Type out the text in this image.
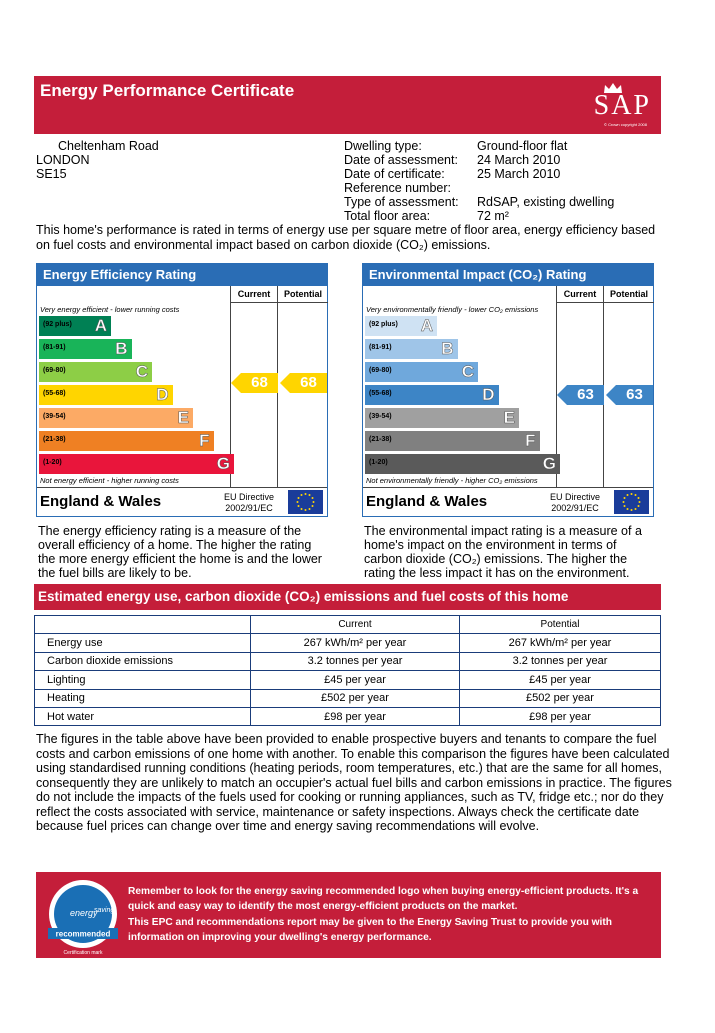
Energy Performance Certificate	SAP
© Crown copyright 2008
Cheltenham Road
LONDON
SE15
Dwelling type:	Ground-floor flat
Date of assessment:	24 March 2010
Date of certificate:	25 March 2010
Reference number:
Type of assessment:	RdSAP, existing dwelling
Total floor area:	72 m²
This home's performance is rated in terms of energy use per square metre of floor area, energy efficiency based on fuel costs and environmental impact based on carbon dioxide (CO₂) emissions.
Energy Efficiency Rating
Current	Potential
Very energy efficient - lower running costs
Not energy efficient - higher running costs
(92 plus) A
(81-91)	B
(69-80)	C
(55-68)	D
(39-54)	E
(21-38)	F
(1-20)	G
68	68
England & Wales	EU Directive
2002/91/EC
Environmental Impact (CO₂) Rating
Current	Potential
Very environmentally friendly - lower CO₂ emissions
Not environmentally friendly - higher CO₂ emissions
(92 plus) A
(81-91)	B
(69-80)	C
(55-68)	D
(39-54)	E
(21-38)	F
(1-20)	G
63	63
England & Wales	EU Directive
2002/91/EC
The energy efficiency rating is a measure of the overall efficiency of a home. The higher the rating the more energy efficient the home is and the lower the fuel bills are likely to be.
The environmental impact rating is a measure of a home's impact on the environment in terms of carbon dioxide (CO₂) emissions. The higher the rating the less impact it has on the environment.
Estimated energy use, carbon dioxide (CO₂) emissions and fuel costs of this home
	Current	Potential
Energy use	267 kWh/m² per year	267 kWh/m² per year
Carbon dioxide emissions	3.2 tonnes per year	3.2 tonnes per year
Lighting	£45 per year	£45 per year
Heating	£502 per year	£502 per year
Hot water	£98 per year	£98 per year
The figures in the table above have been provided to enable prospective buyers and tenants to compare the fuel costs and carbon emissions of one home with another. To enable this comparison the figures have been calculated using standardised running conditions (heating periods, room temperatures, etc.) that are the same for all homes, consequently they are unlikely to match an occupier's actual fuel bills and carbon emissions in practice. The figures do not include the impacts of the fuels used for cooking or running appliances, such as TV, fridge etc.; nor do they reflect the costs associated with service, maintenance or safety inspections. Always check the certificate date because fuel prices can change over time and energy saving recommendations will evolve.
energy
saving
recommended
Certification mark

Remember to look for the energy saving recommended logo when buying energy-efficient products. It's a quick and easy way to identify the most energy-efficient products on the market.

This EPC and recommendations report may be given to the Energy Saving Trust to provide you with information on improving your dwelling's energy performance.
